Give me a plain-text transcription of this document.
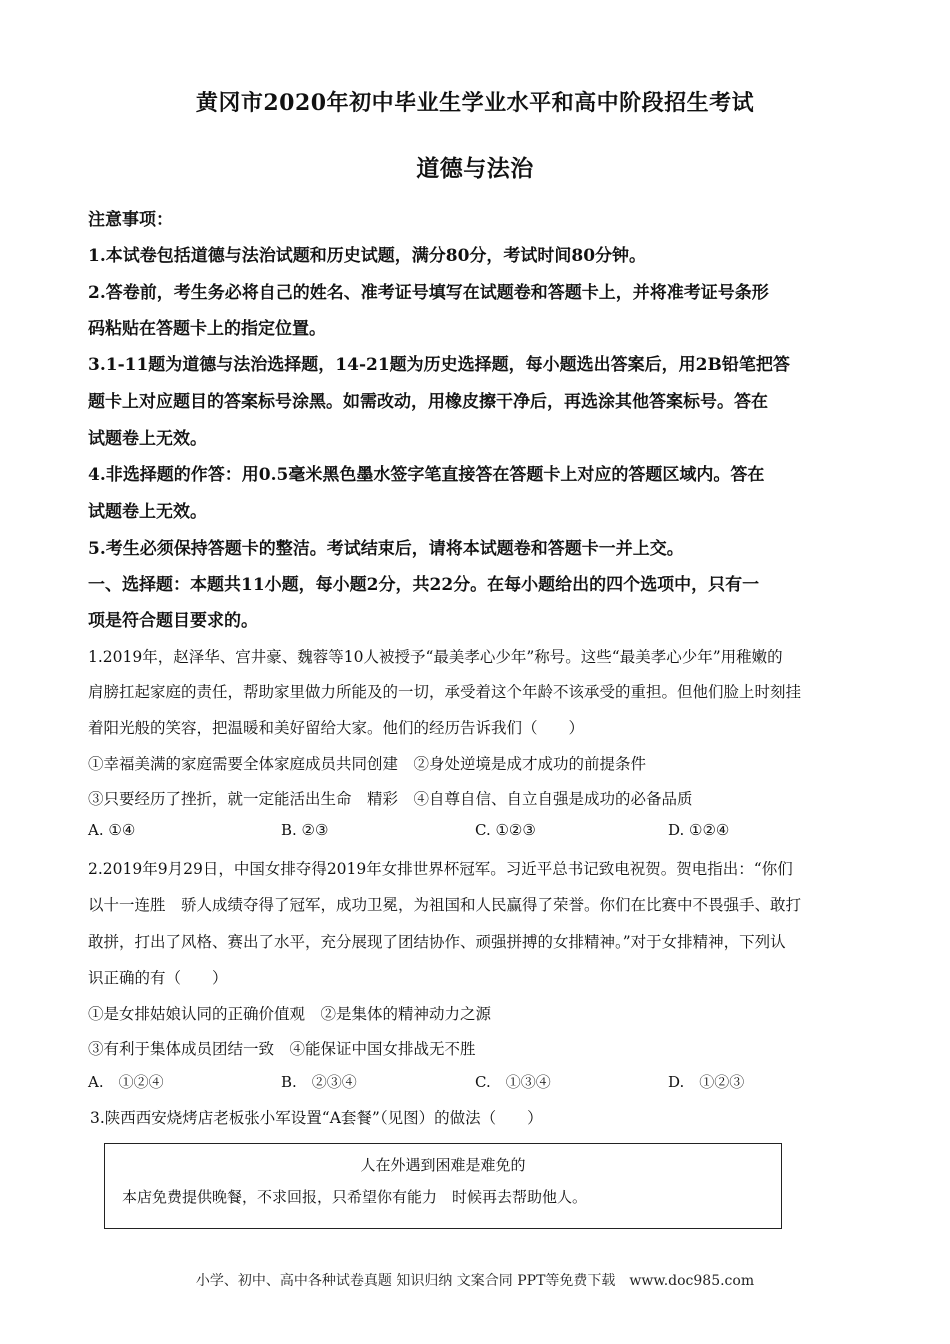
黄冈市2020年初中毕业生学业水平和高中阶段招生考试
道德与法治
注意事项：
1.本试卷包括道德与法治试题和历史试题，满分80分，考试时间80分钟。
2.答卷前，考生务必将自己的姓名、准考证号填写在试题卷和答题卡上，并将准考证号条形
码粘贴在答题卡上的指定位置。
3.1-11题为道德与法治选择题，14-21题为历史选择题，每小题选出答案后，用2B铅笔把答
题卡上对应题目的答案标号涂黑。如需改动，用橡皮擦干净后，再选涂其他答案标号。答在
试题卷上无效。
4.非选择题的作答：用0.5毫米黑色墨水签字笔直接答在答题卡上对应的答题区域内。答在
试题卷上无效。
5.考生必须保持答题卡的整洁。考试结束后，请将本试题卷和答题卡一并上交。
一、选择题：本题共11小题，每小题2分，共22分。在每小题给出的四个选项中，只有一
项是符合题目要求的。
1.2019年，赵泽华、宫井豪、魏蓉等10人被授予“最美孝心少年”称号。这些“最美孝心少年”用稚嫩的
肩膀扛起家庭的责任，帮助家里做力所能及的一切，承受着这个年龄不该承受的重担。但他们脸上时刻挂
着阳光般的笑容，把温暖和美好留给大家。他们的经历告诉我们（　　）
①幸福美满的家庭需要全体家庭成员共同创建　②身处逆境是成才成功的前提条件
③只要经历了挫折，就一定能活出生命　精彩　④自尊自信、自立自强是成功的必备品质
A. ①④	B. ②③	C. ①②③	D. ①②④
2.2019年9月29日，中国女排夺得2019年女排世界杯冠军。习近平总书记致电祝贺。贺电指出：“你们
以十一连胜　骄人成绩夺得了冠军，成功卫冕，为祖国和人民赢得了荣誉。你们在比赛中不畏强手、敢打
敢拼，打出了风格、赛出了水平，充分展现了团结协作、顽强拼搏的女排精神。”对于女排精神，下列认
识正确的有（　　）
①是女排姑娘认同的正确价值观　②是集体的精神动力之源
③有利于集体成员团结一致　④能保证中国女排战无不胜
A.　①②④	B.　②③④	C.　①③④	D.　①②③
3.陕西西安烧烤店老板张小军设置“A套餐”（见图）的做法（　　）
人在外遇到困难是难免的
本店免费提供晚餐，不求回报，只希望你有能力　时候再去帮助他人。
小学、初中、高中各种试卷真题 知识归纳 文案合同 PPT等免费下载　www.doc985.com
